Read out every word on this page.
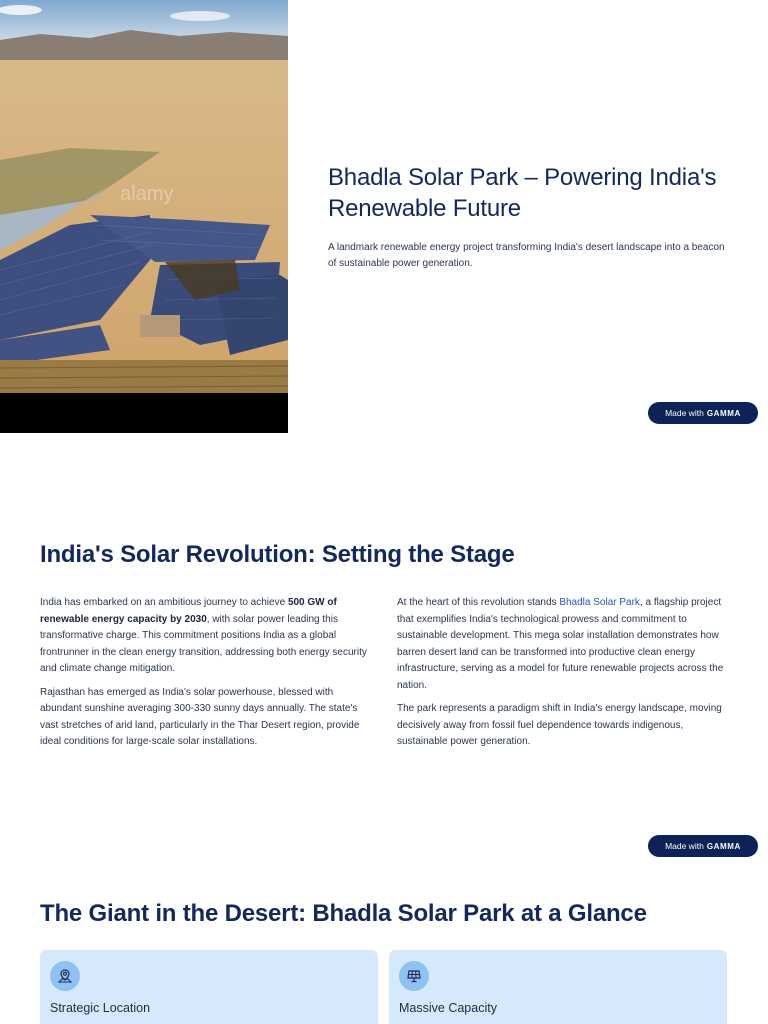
alamy
Bhadla Solar Park – Powering India's Renewable Future

A landmark renewable energy project transforming India's desert landscape into a beacon of sustainable power generation.

Made with GAMMA
India's Solar Revolution: Setting the Stage

India has embarked on an ambitious journey to achieve 500 GW of renewable energy capacity by 2030, with solar power leading this transformative charge. This commitment positions India as a global frontrunner in the clean energy transition, addressing both energy security and climate change mitigation.

Rajasthan has emerged as India's solar powerhouse, blessed with abundant sunshine averaging 300-330 sunny days annually. The state's vast stretches of arid land, particularly in the Thar Desert region, provide ideal conditions for large-scale solar installations.

At the heart of this revolution stands Bhadla Solar Park, a flagship project that exemplifies India's technological prowess and commitment to sustainable development. This mega solar installation demonstrates how barren desert land can be transformed into productive clean energy infrastructure, serving as a model for future renewable projects across the nation.

The park represents a paradigm shift in India's energy landscape, moving decisively away from fossil fuel dependence towards indigenous, sustainable power generation.

Made with GAMMA
The Giant in the Desert: Bhadla Solar Park at a Glance
Strategic Location	Massive Capacity
